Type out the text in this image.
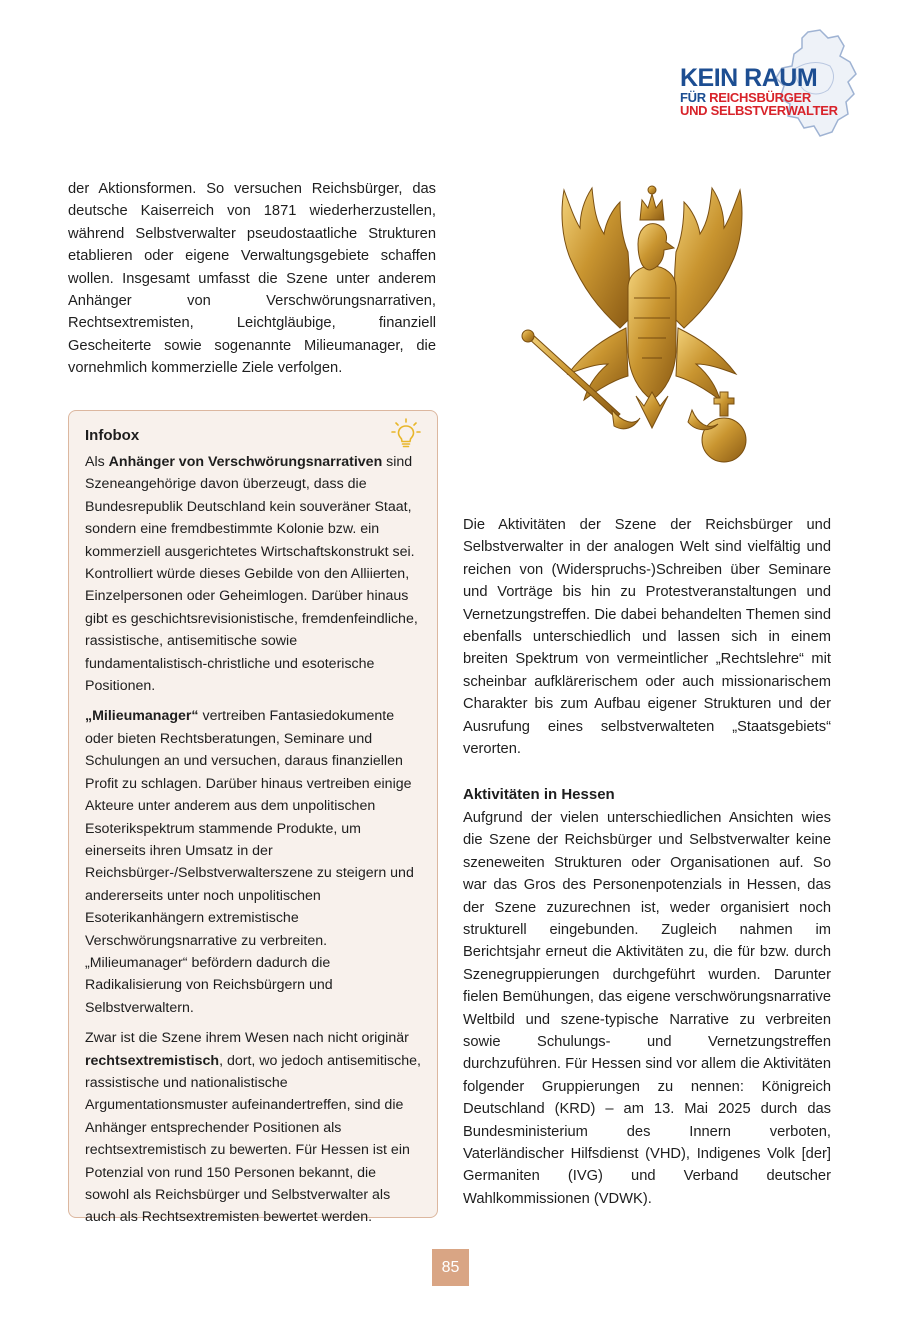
KEIN RAUM
FÜR REICHSBÜRGER
UND SELBSTVERWALTER
der Aktionsformen. So versuchen Reichsbürger, das deutsche Kaiserreich von 1871 wiederherzustellen, während Selbstverwalter pseudostaatliche Strukturen etablieren oder eigene Verwaltungsgebiete schaffen wollen. Insgesamt umfasst die Szene unter anderem Anhänger von Verschwörungsnarrativen, Rechtsextremisten, Leichtgläubige, finanziell Gescheiterte sowie sogenannte Milieumanager, die vornehmlich kommerzielle Ziele verfolgen.
Infobox

Als Anhänger von Verschwörungsnarrativen sind Szeneangehörige davon überzeugt, dass die Bundesrepublik Deutschland kein souveräner Staat, sondern eine fremdbestimmte Kolonie bzw. ein kommerziell ausgerichtetes Wirtschaftskonstrukt sei. Kontrolliert würde dieses Gebilde von den Alliierten, Einzelpersonen oder Geheimlogen. Darüber hinaus gibt es geschichtsrevisionistische, fremdenfeindliche, rassistische, antisemitische sowie fundamentalistisch-christliche und esoterische Positionen.

„Milieumanager“ vertreiben Fantasiedokumente oder bieten Rechtsberatungen, Seminare und Schulungen an und versuchen, daraus finanziellen Profit zu schlagen. Darüber hinaus vertreiben einige Akteure unter anderem aus dem unpolitischen Esoterikspektrum stammende Produkte, um einerseits ihren Umsatz in der Reichsbürger-/Selbstverwalterszene zu steigern und andererseits unter noch unpolitischen Esoterikanhängern extremistische Verschwörungsnarrative zu verbreiten. „Milieumanager“ befördern dadurch die Radikalisierung von Reichsbürgern und Selbstverwaltern.

Zwar ist die Szene ihrem Wesen nach nicht originär rechtsextremistisch, dort, wo jedoch antisemitische, rassistische und nationalistische Argumentationsmuster aufeinandertreffen, sind die Anhänger entsprechender Positionen als rechtsextremistisch zu bewerten. Für Hessen ist ein Potenzial von rund 150 Personen bekannt, die sowohl als Reichsbürger und Selbstverwalter als auch als Rechtsextremisten bewertet werden.

Die Aktivitäten der Szene der Reichsbürger und Selbstverwalter in der analogen Welt sind vielfältig und reichen von (Widerspruchs-)Schreiben über Seminare und Vorträge bis hin zu Protestveranstaltungen und Vernetzungstreffen. Die dabei behandelten Themen sind ebenfalls unterschiedlich und lassen sich in einem breiten Spektrum von vermeintlicher „Rechtslehre“ mit scheinbar aufklärerischem oder auch missionarischem Charakter bis zum Aufbau eigener Strukturen und der Ausrufung eines selbstverwalteten „Staatsgebiets“ verorten.

Aktivitäten in Hessen

Aufgrund der vielen unterschiedlichen Ansichten wies die Szene der Reichsbürger und Selbstverwalter keine szeneweiten Strukturen oder Organisationen auf. So war das Gros des Personenpotenzials in Hessen, das der Szene zuzurechnen ist, weder organisiert noch strukturell eingebunden. Zugleich nahmen im Berichtsjahr erneut die Aktivitäten zu, die für bzw. durch Szenegruppierungen durchgeführt wurden. Darunter fielen Bemühungen, das eigene verschwörungsnarrative Weltbild und szene-typische Narrative zu verbreiten sowie Schulungs- und Vernetzungstreffen durchzuführen. Für Hessen sind vor allem die Aktivitäten folgender Gruppierungen zu nennen: Königreich Deutschland (KRD) – am 13. Mai 2025 durch das Bundesministerium des Innern verboten, Vaterländischer Hilfsdienst (VHD), Indigenes Volk [der] Germaniten (IVG) und Verband deutscher Wahlkommissionen (VDWK).

85
